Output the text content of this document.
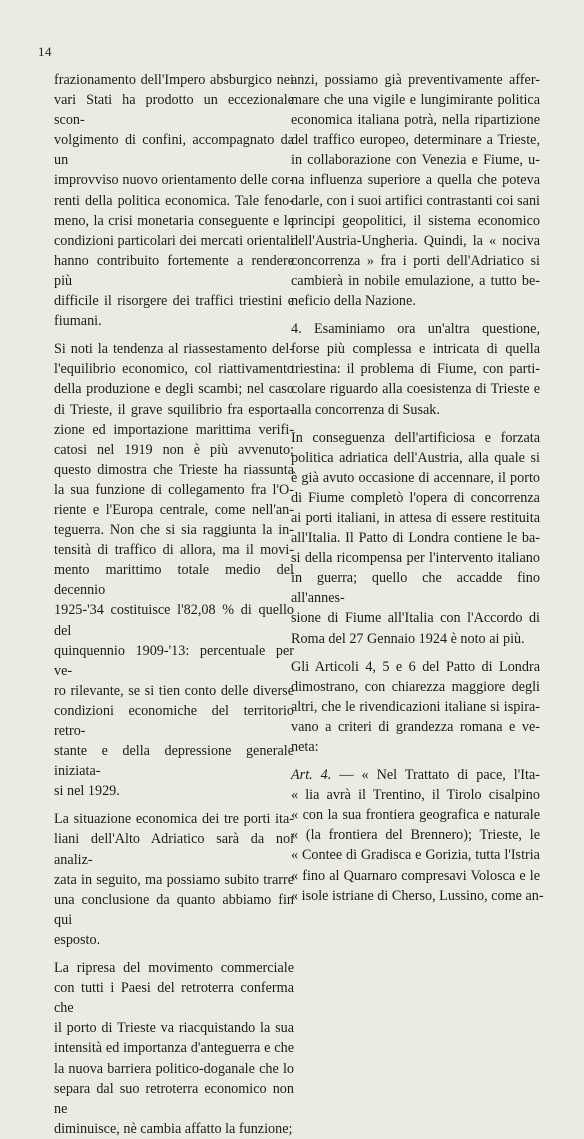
14
frazionamento dell'Impero absburgico nei
vari Stati ha prodotto un eccezionale scon-
volgimento di confini, accompagnato da un
improvviso nuovo orientamento delle cor-
renti della politica economica. Tale feno-
meno, la crisi monetaria conseguente e le
condizioni particolari dei mercati orientali
hanno contribuito fortemente a rendere più
difficile il risorgere dei traffici triestini e
fiumani.
Si noti la tendenza al riassestamento del-
l'equilibrio economico, col riattivamento
della produzione e degli scambi; nel caso
di Trieste, il grave squilibrio fra esporta-
zione ed importazione marittima verifi-
catosi nel 1919 non è più avvenuto;
questo dimostra che Trieste ha riassunta
la sua funzione di collegamento fra l'O-
riente e l'Europa centrale, come nell'an-
teguerra. Non che si sia raggiunta la in-
tensità di traffico di allora, ma il movi-
mento marittimo totale medio del decennio
1925-'34 costituisce l'82,08 % di quello del
quinquennio 1909-'13: percentuale per ve-
ro rilevante, se si tien conto delle diverse
condizioni economiche del territorio retro-
stante e della depressione generale iniziata-
si nel 1929.
La situazione economica dei tre porti ita-
liani dell'Alto Adriatico sarà da noi analiz-
zata in seguito, ma possiamo subito trarre
una conclusione da quanto abbiamo fin qui
esposto.
La ripresa del movimento commerciale
con tutti i Paesi del retroterra conferma che
il porto di Trieste va riacquistando la sua
intensità ed importanza d'anteguerra e che
la nuova barriera politico-doganale che lo
separa dal suo retroterra economico non ne
diminuisce, nè cambia affatto la funzione;
anzi, possiamo già preventivamente affer-
mare che una vigile e lungimirante politica
economica italiana potrà, nella ripartizione
del traffico europeo, determinare a Trieste,
in collaborazione con Venezia e Fiume, u-
na influenza superiore a quella che poteva
darle, con i suoi artifici contrastanti coi sani
principi geopolitici, il sistema economico
dell'Austria-Ungheria. Quindi, la « nociva
concorrenza » fra i porti dell'Adriatico si
cambierà in nobile emulazione, a tutto be-
neficio della Nazione.
4. Esaminiamo ora un'altra questione,
forse più complessa e intricata di quella
triestina: il problema di Fiume, con parti-
colare riguardo alla coesistenza di Trieste e
alla concorrenza di Susak.
In conseguenza dell'artificiosa e forzata
politica adriatica dell'Austria, alla quale si
è già avuto occasione di accennare, il porto
di Fiume completò l'opera di concorrenza
ai porti italiani, in attesa di essere restituita
all'Italia. Il Patto di Londra contiene le ba-
si della ricompensa per l'intervento italiano
in guerra; quello che accadde fino all'annes-
sione di Fiume all'Italia con l'Accordo di
Roma del 27 Gennaio 1924 è noto ai più.
Gli Articoli 4, 5 e 6 del Patto di Londra
dimostrano, con chiarezza maggiore degli
altri, che le rivendicazioni italiane si ispira-
vano a criteri di grandezza romana e ve-
neta:
Art. 4. — « Nel Trattato di pace, l'Ita-
« lia avrà il Trentino, il Tirolo cisalpino
« con la sua frontiera geografica e naturale
« (la frontiera del Brennero); Trieste, le
« Contee di Gradisca e Gorizia, tutta l'Istria
« fino al Quarnaro compresavi Volosca e le
« isole istriane di Cherso, Lussino, come an-
